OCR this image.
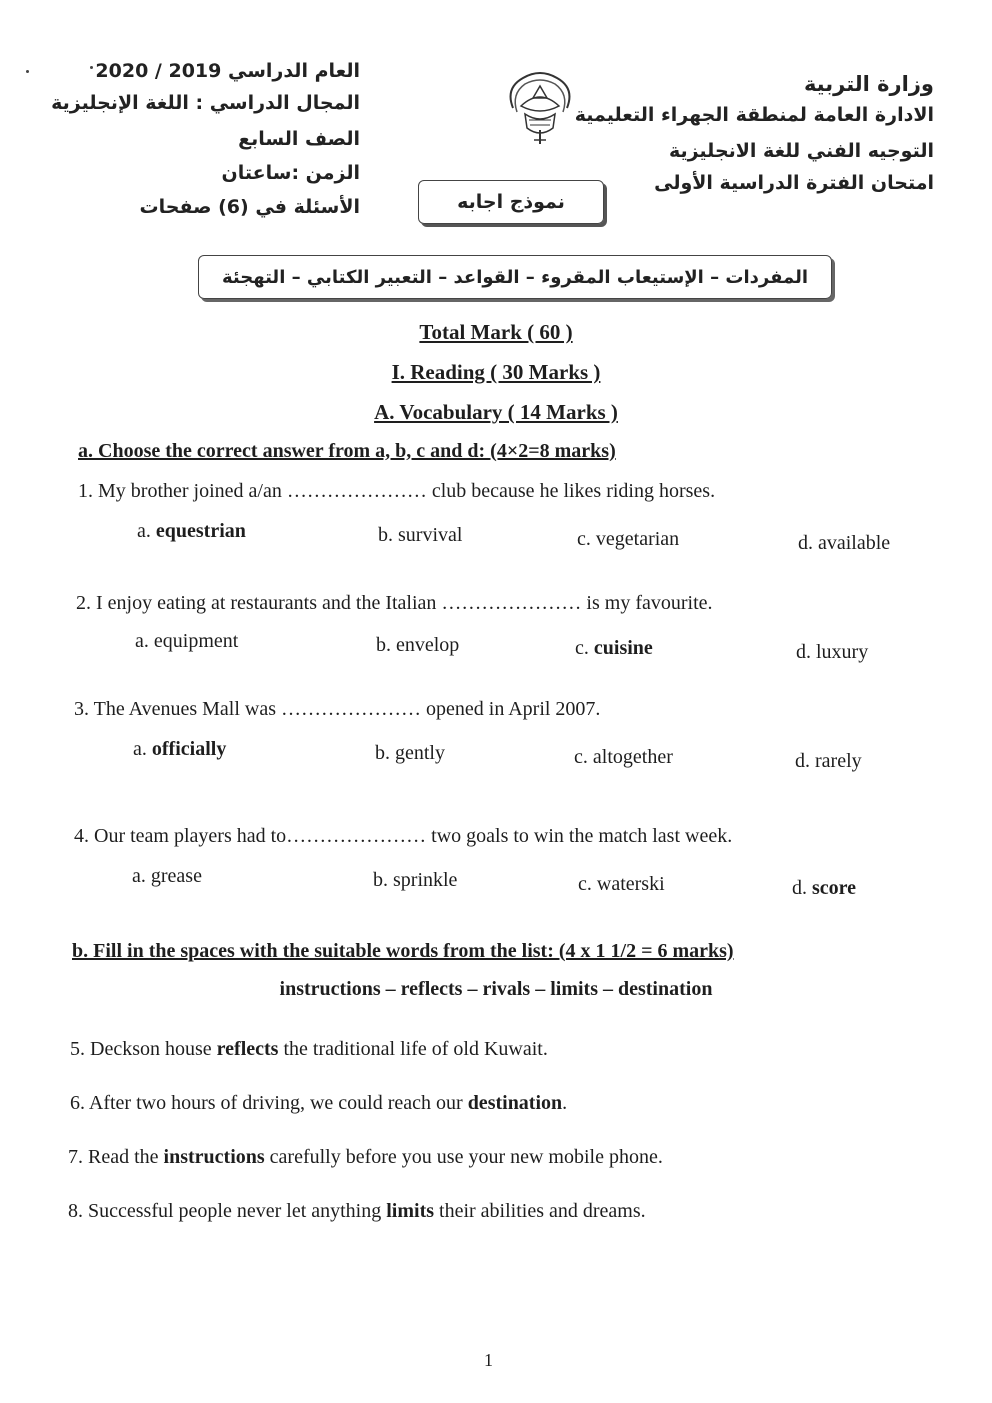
العام الدراسي 2019 / 2020
المجال الدراسي : اللغة الإنجليزية
الصف السابع
الزمن :ساعتان
الأسئلة في (6) صفحات
وزارة التربية
الادارة العامة لمنطقة الجهراء التعليمية
التوجيه الفني للغة الانجليزية
امتحان الفترة الدراسية الأولى
نموذج اجابه
المفردات – الإستيعاب المقروء – القواعد – التعبير الكتابي – التهجئة
Total Mark ( 60 )
I. Reading ( 30 Marks )
A. Vocabulary ( 14 Marks )
a. Choose the correct answer from a, b, c and d: (4×2=8 marks)
1. My brother joined a/an ………………… club because he likes riding horses.
a. equestrian	b. survival	c. vegetarian	d. available
2. I enjoy eating at restaurants and the Italian ………………… is my favourite.
a. equipment	b. envelop	c. cuisine	d. luxury
3. The Avenues Mall was ………………… opened in April 2007.
a. officially	b. gently	c. altogether	d. rarely
4. Our team players had to………………… two goals to win the match last week.
a. grease	b. sprinkle	c. waterski	d. score
b. Fill in the spaces with the suitable words from the list: (4 x 1 1/2 = 6 marks)
instructions – reflects – rivals – limits – destination
5. Deckson house reflects the traditional life of old Kuwait.
6. After two hours of driving, we could reach our destination.
7. Read the instructions carefully before you use your new mobile phone.
8. Successful people never let anything limits their abilities and dreams.
1
